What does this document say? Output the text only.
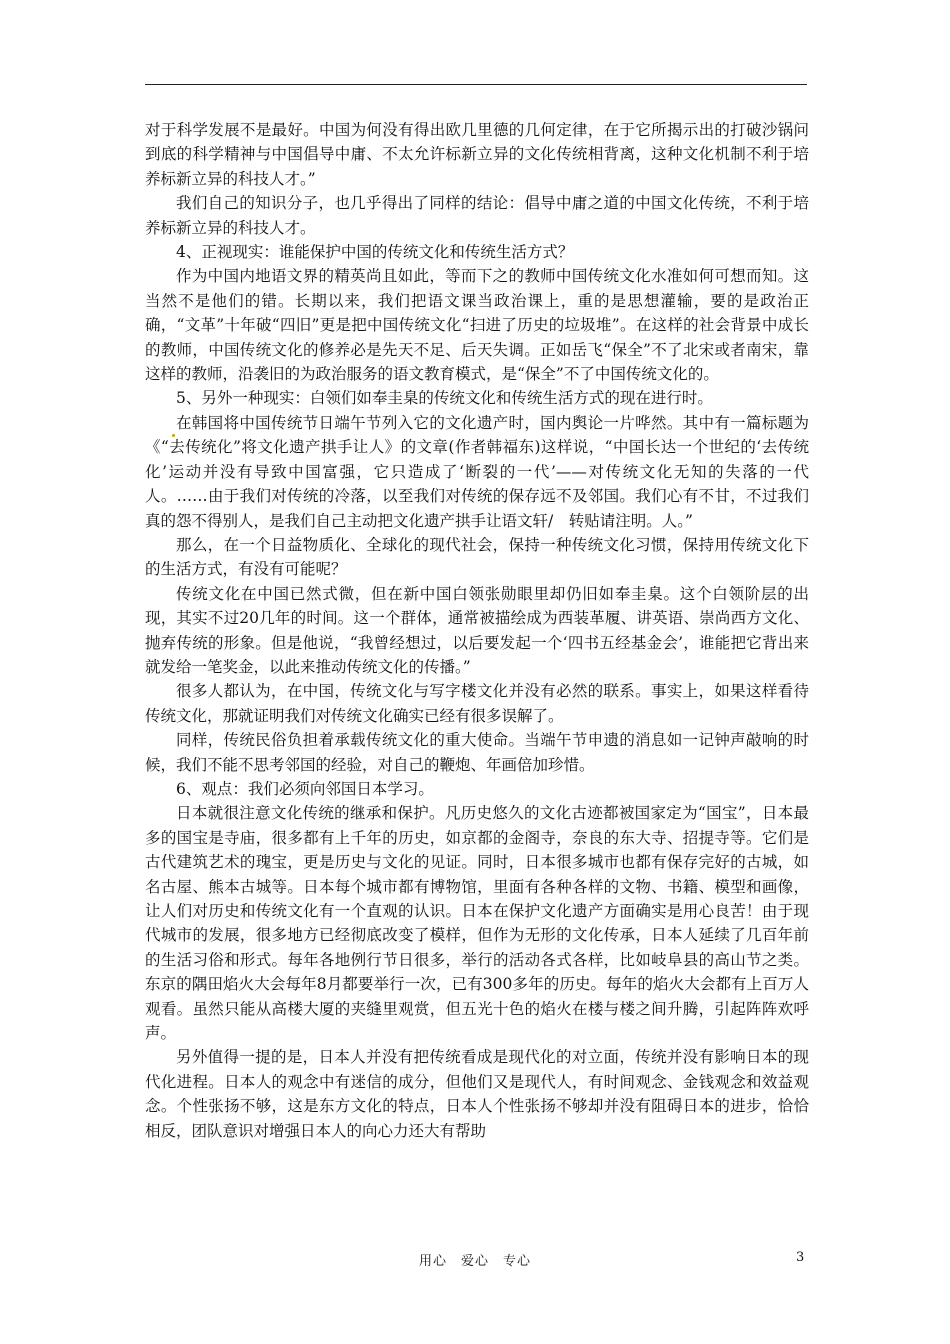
对于科学发展不是最好。中国为何没有得出欧几里德的几何定律，在于它所揭示出的打破沙锅问到底的科学精神与中国倡导中庸、不太允许标新立异的文化传统相背离，这种文化机制不利于培养标新立异的科技人才。”

我们自己的知识分子，也几乎得出了同样的结论：倡导中庸之道的中国文化传统，不利于培养标新立异的科技人才。

4、正视现实：谁能保护中国的传统文化和传统生活方式？

作为中国内地语文界的精英尚且如此，等而下之的教师中国传统文化水准如何可想而知。这当然不是他们的错。长期以来，我们把语文课当政治课上，重的是思想灌输，要的是政治正确，“文革”十年破“四旧”更是把中国传统文化“扫进了历史的垃圾堆”。在这样的社会背景中成长的教师，中国传统文化的修养必是先天不足、后天失调。正如岳飞“保全”不了北宋或者南宋，靠这样的教师，沿袭旧的为政治服务的语文教育模式，是“保全”不了中国传统文化的。

5、另外一种现实：白领们如奉圭臬的传统文化和传统生活方式的现在进行时。

在韩国将中国传统节日端午节列入它的文化遗产时，国内舆论一片哗然。其中有一篇标题为《“去传统化”将文化遗产拱手让人》的文章(作者韩福东)这样说，“中国长达一个世纪的‘去传统化’运动并没有导致中国富强，它只造成了‘断裂的一代’——对传统文化无知的失落的一代人。……由于我们对传统的冷落，以至我们对传统的保存远不及邻国。我们心有不甘，不过我们真的怨不得别人，是我们自己主动把文化遗产拱手让语文轩/　转贴请注明。人。”

那么，在一个日益物质化、全球化的现代社会，保持一种传统文化习惯，保持用传统文化下的生活方式，有没有可能呢？

传统文化在中国已然式微，但在新中国白领张勋眼里却仍旧如奉圭臬。这个白领阶层的出现，其实不过20几年的时间。这一个群体，通常被描绘成为西装革履、讲英语、崇尚西方文化、抛弃传统的形象。但是他说，“我曾经想过，以后要发起一个‘四书五经基金会’，谁能把它背出来就发给一笔奖金，以此来推动传统文化的传播。”

很多人都认为，在中国，传统文化与写字楼文化并没有必然的联系。事实上，如果这样看待传统文化，那就证明我们对传统文化确实已经有很多误解了。

同样，传统民俗负担着承载传统文化的重大使命。当端午节申遗的消息如一记钟声敲响的时候，我们不能不思考邻国的经验，对自己的鞭炮、年画倍加珍惜。

6、观点：我们必须向邻国日本学习。

日本就很注意文化传统的继承和保护。凡历史悠久的文化古迹都被国家定为“国宝”，日本最多的国宝是寺庙，很多都有上千年的历史，如京都的金阁寺，奈良的东大寺、招提寺等。它们是古代建筑艺术的瑰宝，更是历史与文化的见证。同时，日本很多城市也都有保存完好的古城，如名古屋、熊本古城等。日本每个城市都有博物馆，里面有各种各样的文物、书籍、模型和画像，让人们对历史和传统文化有一个直观的认识。日本在保护文化遗产方面确实是用心良苦！由于现代城市的发展，很多地方已经彻底改变了模样，但作为无形的文化传承，日本人延续了几百年前的生活习俗和形式。每年各地例行节日很多，举行的活动各式各样，比如岐阜县的高山节之类。东京的隅田焰火大会每年8月都要举行一次，已有300多年的历史。每年的焰火大会都有上百万人观看。虽然只能从高楼大厦的夹缝里观赏，但五光十色的焰火在楼与楼之间升腾，引起阵阵欢呼声。

另外值得一提的是，日本人并没有把传统看成是现代化的对立面，传统并没有影响日本的现代化进程。日本人的观念中有迷信的成分，但他们又是现代人，有时间观念、金钱观念和效益观念。个性张扬不够，这是东方文化的特点，日本人个性张扬不够却并没有阻碍日本的进步，恰恰相反，团队意识对增强日本人的向心力还大有帮助

用心　爱心　专心	3
